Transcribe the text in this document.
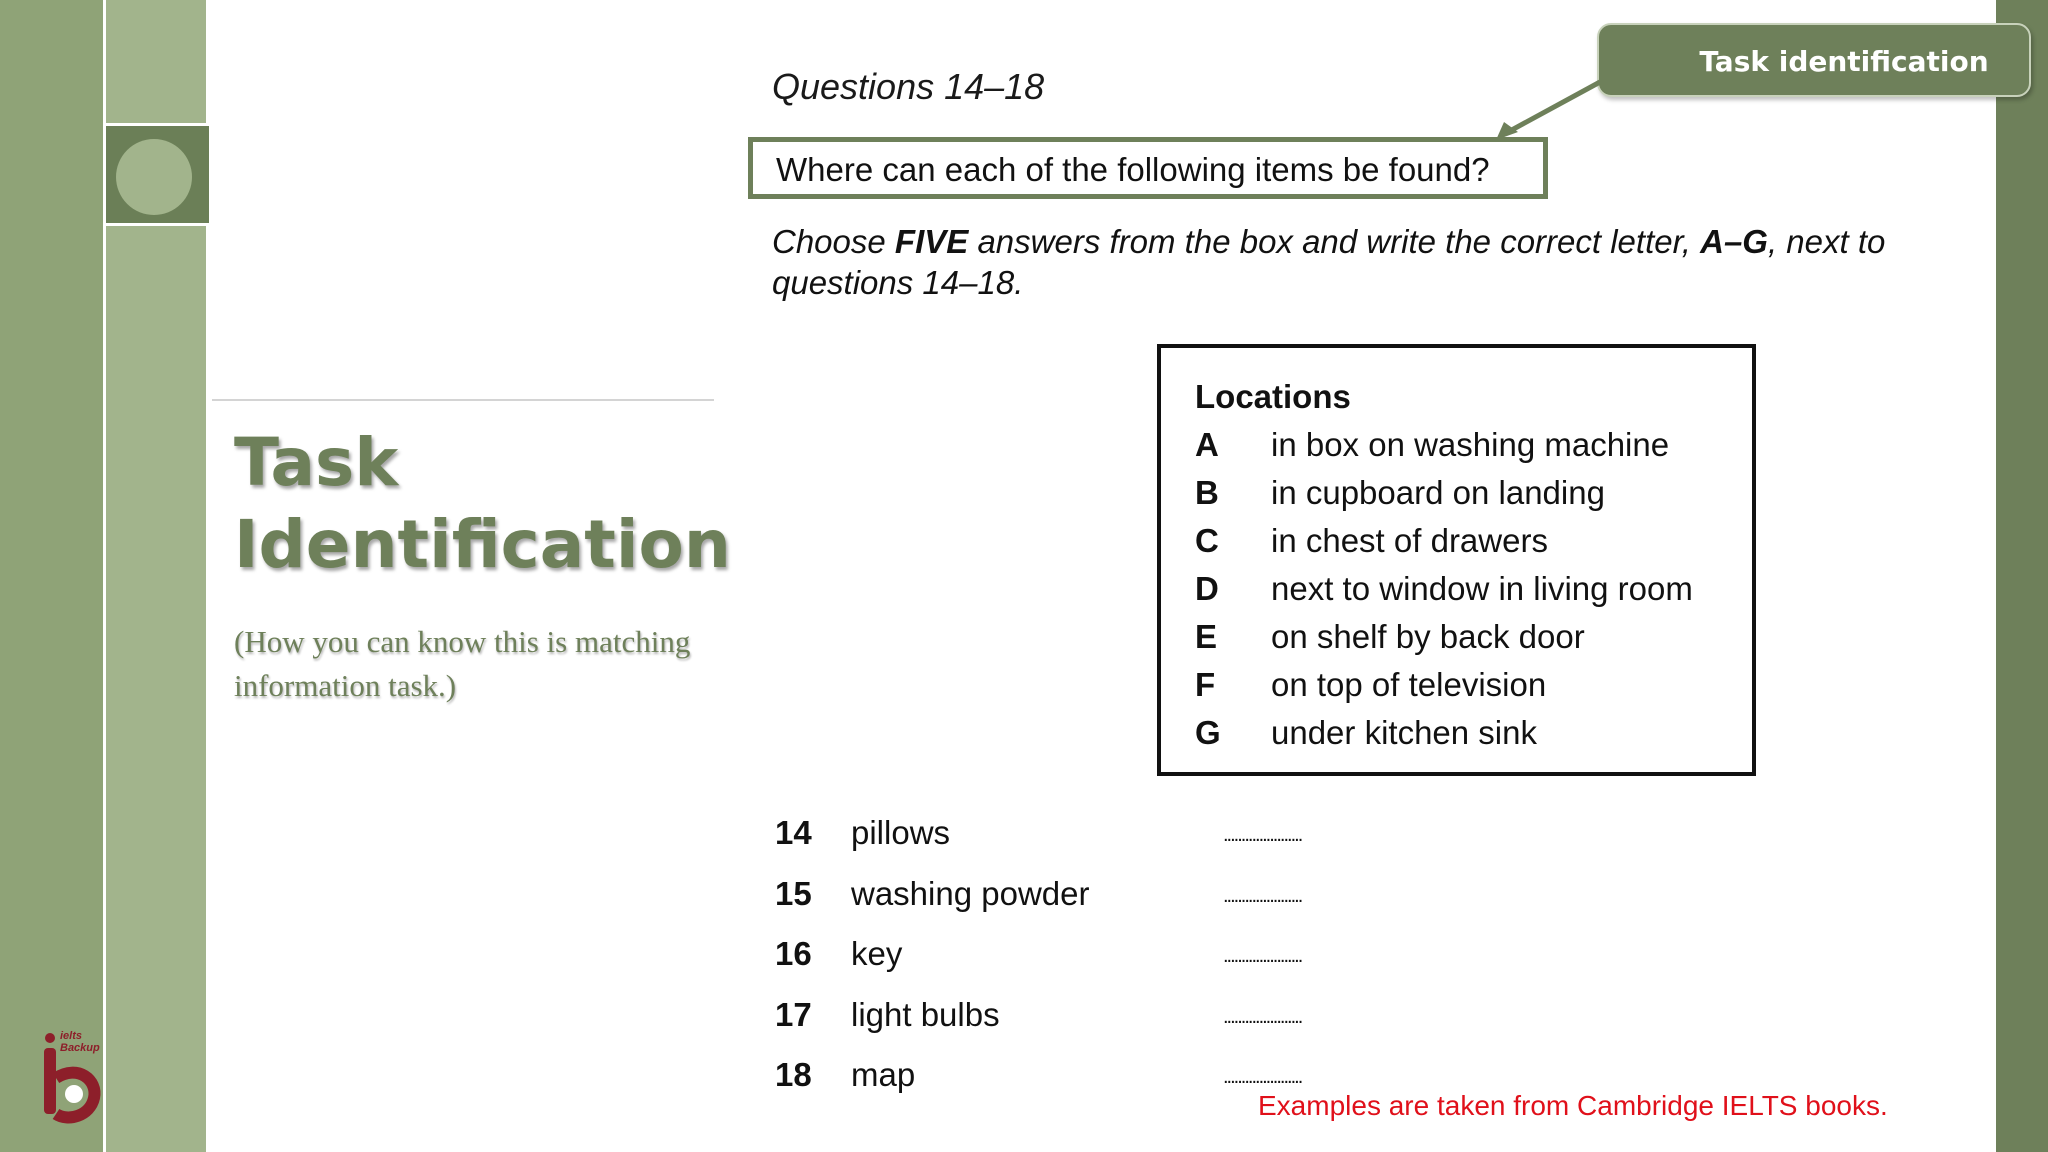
Task
Identification
(How you can know this is matching information task.)
ielts
Backup
Task identification
Questions 14–18
Where can each of the following items be found?
Choose FIVE answers from the box and write the correct letter, A–G, next to questions 14–18.
Locations
A in box on washing machine
B in cupboard on landing
C in chest of drawers
D next to window in living room
E on shelf by back door
F on top of television
G under kitchen sink
14 pillows	......................
15 washing powder	......................
16 key	......................
17 light bulbs	......................
18 map	......................
Examples are taken from Cambridge IELTS books.
